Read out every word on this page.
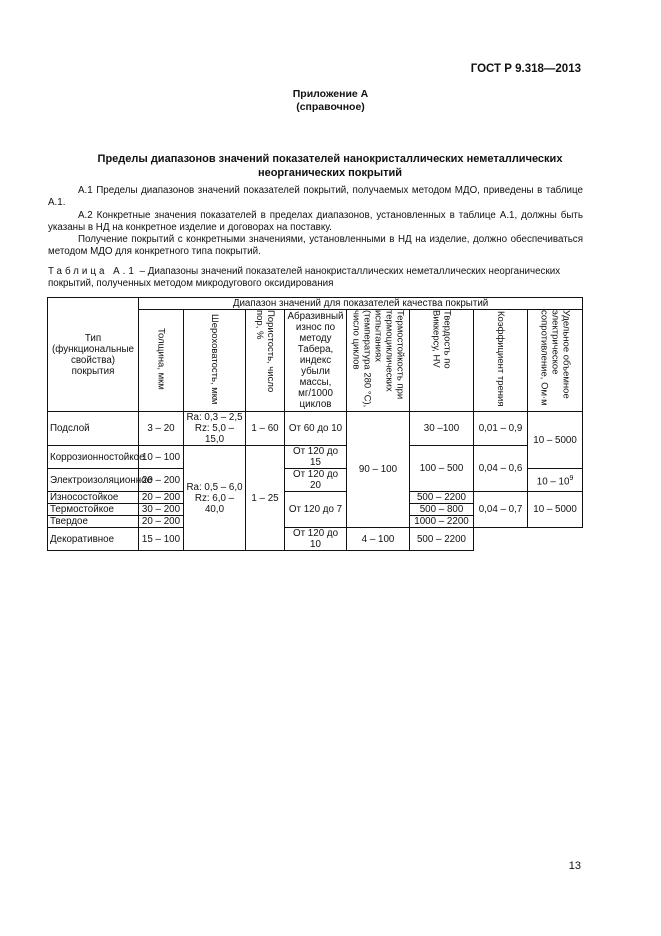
ГОСТ Р 9.318—2013
Приложение А
(справочное)
Пределы диапазонов значений показателей нанокристаллических неметаллических неорганических покрытий
А.1 Пределы диапазонов значений показателей покрытий, получаемых методом МДО, приведены в таблице А.1.
А.2 Конкретные значения показателей в пределах диапазонов, установленных в таблице А.1, должны быть указаны в НД на конкретное изделие и договорах на поставку.
Получение покрытий с конкретными значениями, установленными в НД на изделие, должно обеспечиваться методом МДО для конкретного типа покрытий.
Таблица А.1 – Диапазоны значений показателей нанокристаллических неметаллических неорганических покрытий, полученных методом микродугового оксидирования
Тип (функциональные свойства) покрытия	Диапазон значений для показателей качества покрытий							
	Толщина, мкм	Шероховатость, мкм	Пористость, число пор, %	Абразивный износ по методу Табера, индекс убыли массы, мг/1000 циклов	Термостойкость при термоциклических испытаниях (температура 280 °С), число циклов	Твердость по Виккерсу, HV	Коэффициент трения	Удельное объемное электрическое сопротивление, Ом·м
Подслой	3 – 20	Ra: 0,3 – 2,5
Rz: 5,0 – 15,0	1 – 60	От 60 до 10	90 – 100	30 –100	0,01 – 0,9	10 – 5000
Коррозионностойкое	10 – 100	Ra: 0,5 – 6,0
Rz: 6,0 – 40,0	1 – 25	От 120 до 15		100 – 500	0,04 – 0,6	
Электроизоляционное	20 – 200			От 120 до 20				$10 - 10^9$
Износостойкое	20 – 200			От 120 до 7		500 – 2200	0,04 – 0,7	10 – 5000
Термостойкое	30 – 200					500 – 800		
Твердое	20 – 200					1000 – 2200		
Декоративное	15 – 100			От 120 до 10	4 – 100	500 – 2200		
13
